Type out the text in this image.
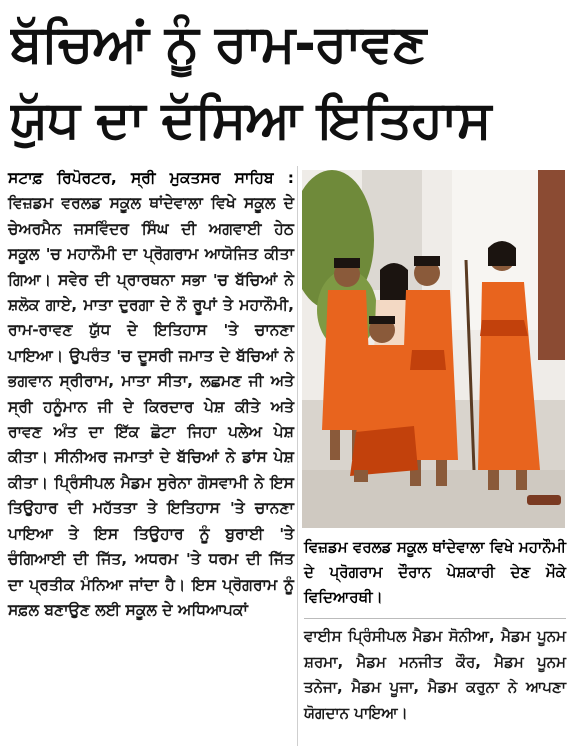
ਬੱਚਿਆਂ ਨੂੰ ਰਾਮ-ਰਾਵਣ
ਯੁੱਧ ਦਾ ਦੱਸਿਆ ਇਤਿਹਾਸ
ਸਟਾਫ਼ ਰਿਪੋਰਟਰ, ਸ੍ਰੀ ਮੁਕਤਸਰ ਸਾਹਿਬ : ਵਿਜ਼ਡਮ ਵਰਲਡ ਸਕੂਲ ਥਾਂਦੇਵਾਲਾ ਵਿਖੇ ਸਕੂਲ ਦੇ ਚੇਅਰਮੈਨ ਜਸਵਿੰਦਰ ਸਿੰਘ ਦੀ ਅਗਵਾਈ ਹੇਠ ਸਕੂਲ 'ਚ ਮਹਾਨੌਮੀ ਦਾ ਪ੍ਰੋਗਰਾਮ ਆਯੋਜਿਤ ਕੀਤਾ ਗਿਆ। ਸਵੇਰ ਦੀ ਪ੍ਰਾਰਥਨਾ ਸਭਾ 'ਚ ਬੱਚਿਆਂ ਨੇ ਸ਼ਲੋਕ ਗਾਏ, ਮਾਤਾ ਦੁਰਗਾ ਦੇ ਨੌ ਰੂਪਾਂ ਤੇ ਮਹਾਨੌਮੀ, ਰਾਮ-ਰਾਵਣ ਯੁੱਧ ਦੇ ਇਤਿਹਾਸ 'ਤੇ ਚਾਨਣਾ ਪਾਇਆ। ਉਪਰੰਤ 'ਚ ਦੂਸਰੀ ਜਮਾਤ ਦੇ ਬੱਚਿਆਂ ਨੇ ਭਗਵਾਨ ਸ੍ਰੀਰਾਮ, ਮਾਤਾ ਸੀਤਾ, ਲਛਮਣ ਜੀ ਅਤੇ ਸ੍ਰੀ ਹਨੂੰਮਾਨ ਜੀ ਦੇ ਕਿਰਦਾਰ ਪੇਸ਼ ਕੀਤੇ ਅਤੇ ਰਾਵਣ ਅੰਤ ਦਾ ਇੱਕ ਛੋਟਾ ਜਿਹਾ ਪਲੇਅ ਪੇਸ਼ ਕੀਤਾ। ਸੀਨੀਅਰ ਜਮਾਤਾਂ ਦੇ ਬੱਚਿਆਂ ਨੇ ਡਾਂਸ ਪੇਸ਼ ਕੀਤਾ। ਪ੍ਰਿੰਸੀਪਲ ਮੈਡਮ ਸੁਰੇਨਾ ਗੋਸਵਾਮੀ ਨੇ ਇਸ ਤਿਉਹਾਰ ਦੀ ਮਹੱਤਤਾ ਤੇ ਇਤਿਹਾਸ 'ਤੇ ਚਾਨਣਾ ਪਾਇਆ ਤੇ ਇਸ ਤਿਉਹਾਰ ਨੂੰ ਬੁਰਾਈ 'ਤੇ ਚੰਗਿਆਈ ਦੀ ਜਿੱਤ, ਅਧਰਮ 'ਤੇ ਧਰਮ ਦੀ ਜਿੱਤ ਦਾ ਪ੍ਰਤੀਕ ਮੰਨਿਆ ਜਾਂਦਾ ਹੈ। ਇਸ ਪ੍ਰੋਗਰਾਮ ਨੂੰ ਸਫ਼ਲ ਬਣਾਉਣ ਲਈ ਸਕੂਲ ਦੇ ਅਧਿਆਪਕਾਂ
ਵਿਜ਼ਡਮ ਵਰਲਡ ਸਕੂਲ ਥਾਂਦੇਵਾਲਾ ਵਿਖੇ ਮਹਾਨੌਮੀ ਦੇ ਪ੍ਰੋਗਰਾਮ ਦੌਰਾਨ ਪੇਸ਼ਕਾਰੀ ਦੇਣ ਮੌਕੇ ਵਿਦਿਆਰਥੀ।
ਵਾਈਸ ਪ੍ਰਿੰਸੀਪਲ ਮੈਡਮ ਸੋਨੀਆ, ਮੈਡਮ ਪੂਨਮ ਸ਼ਰਮਾ, ਮੈਡਮ ਮਨਜੀਤ ਕੌਰ, ਮੈਡਮ ਪੂਨਮ ਤਨੇਜਾ, ਮੈਡਮ ਪੂਜਾ, ਮੈਡਮ ਕਰੁਨਾ ਨੇ ਆਪਣਾ ਯੋਗਦਾਨ ਪਾਇਆ।
